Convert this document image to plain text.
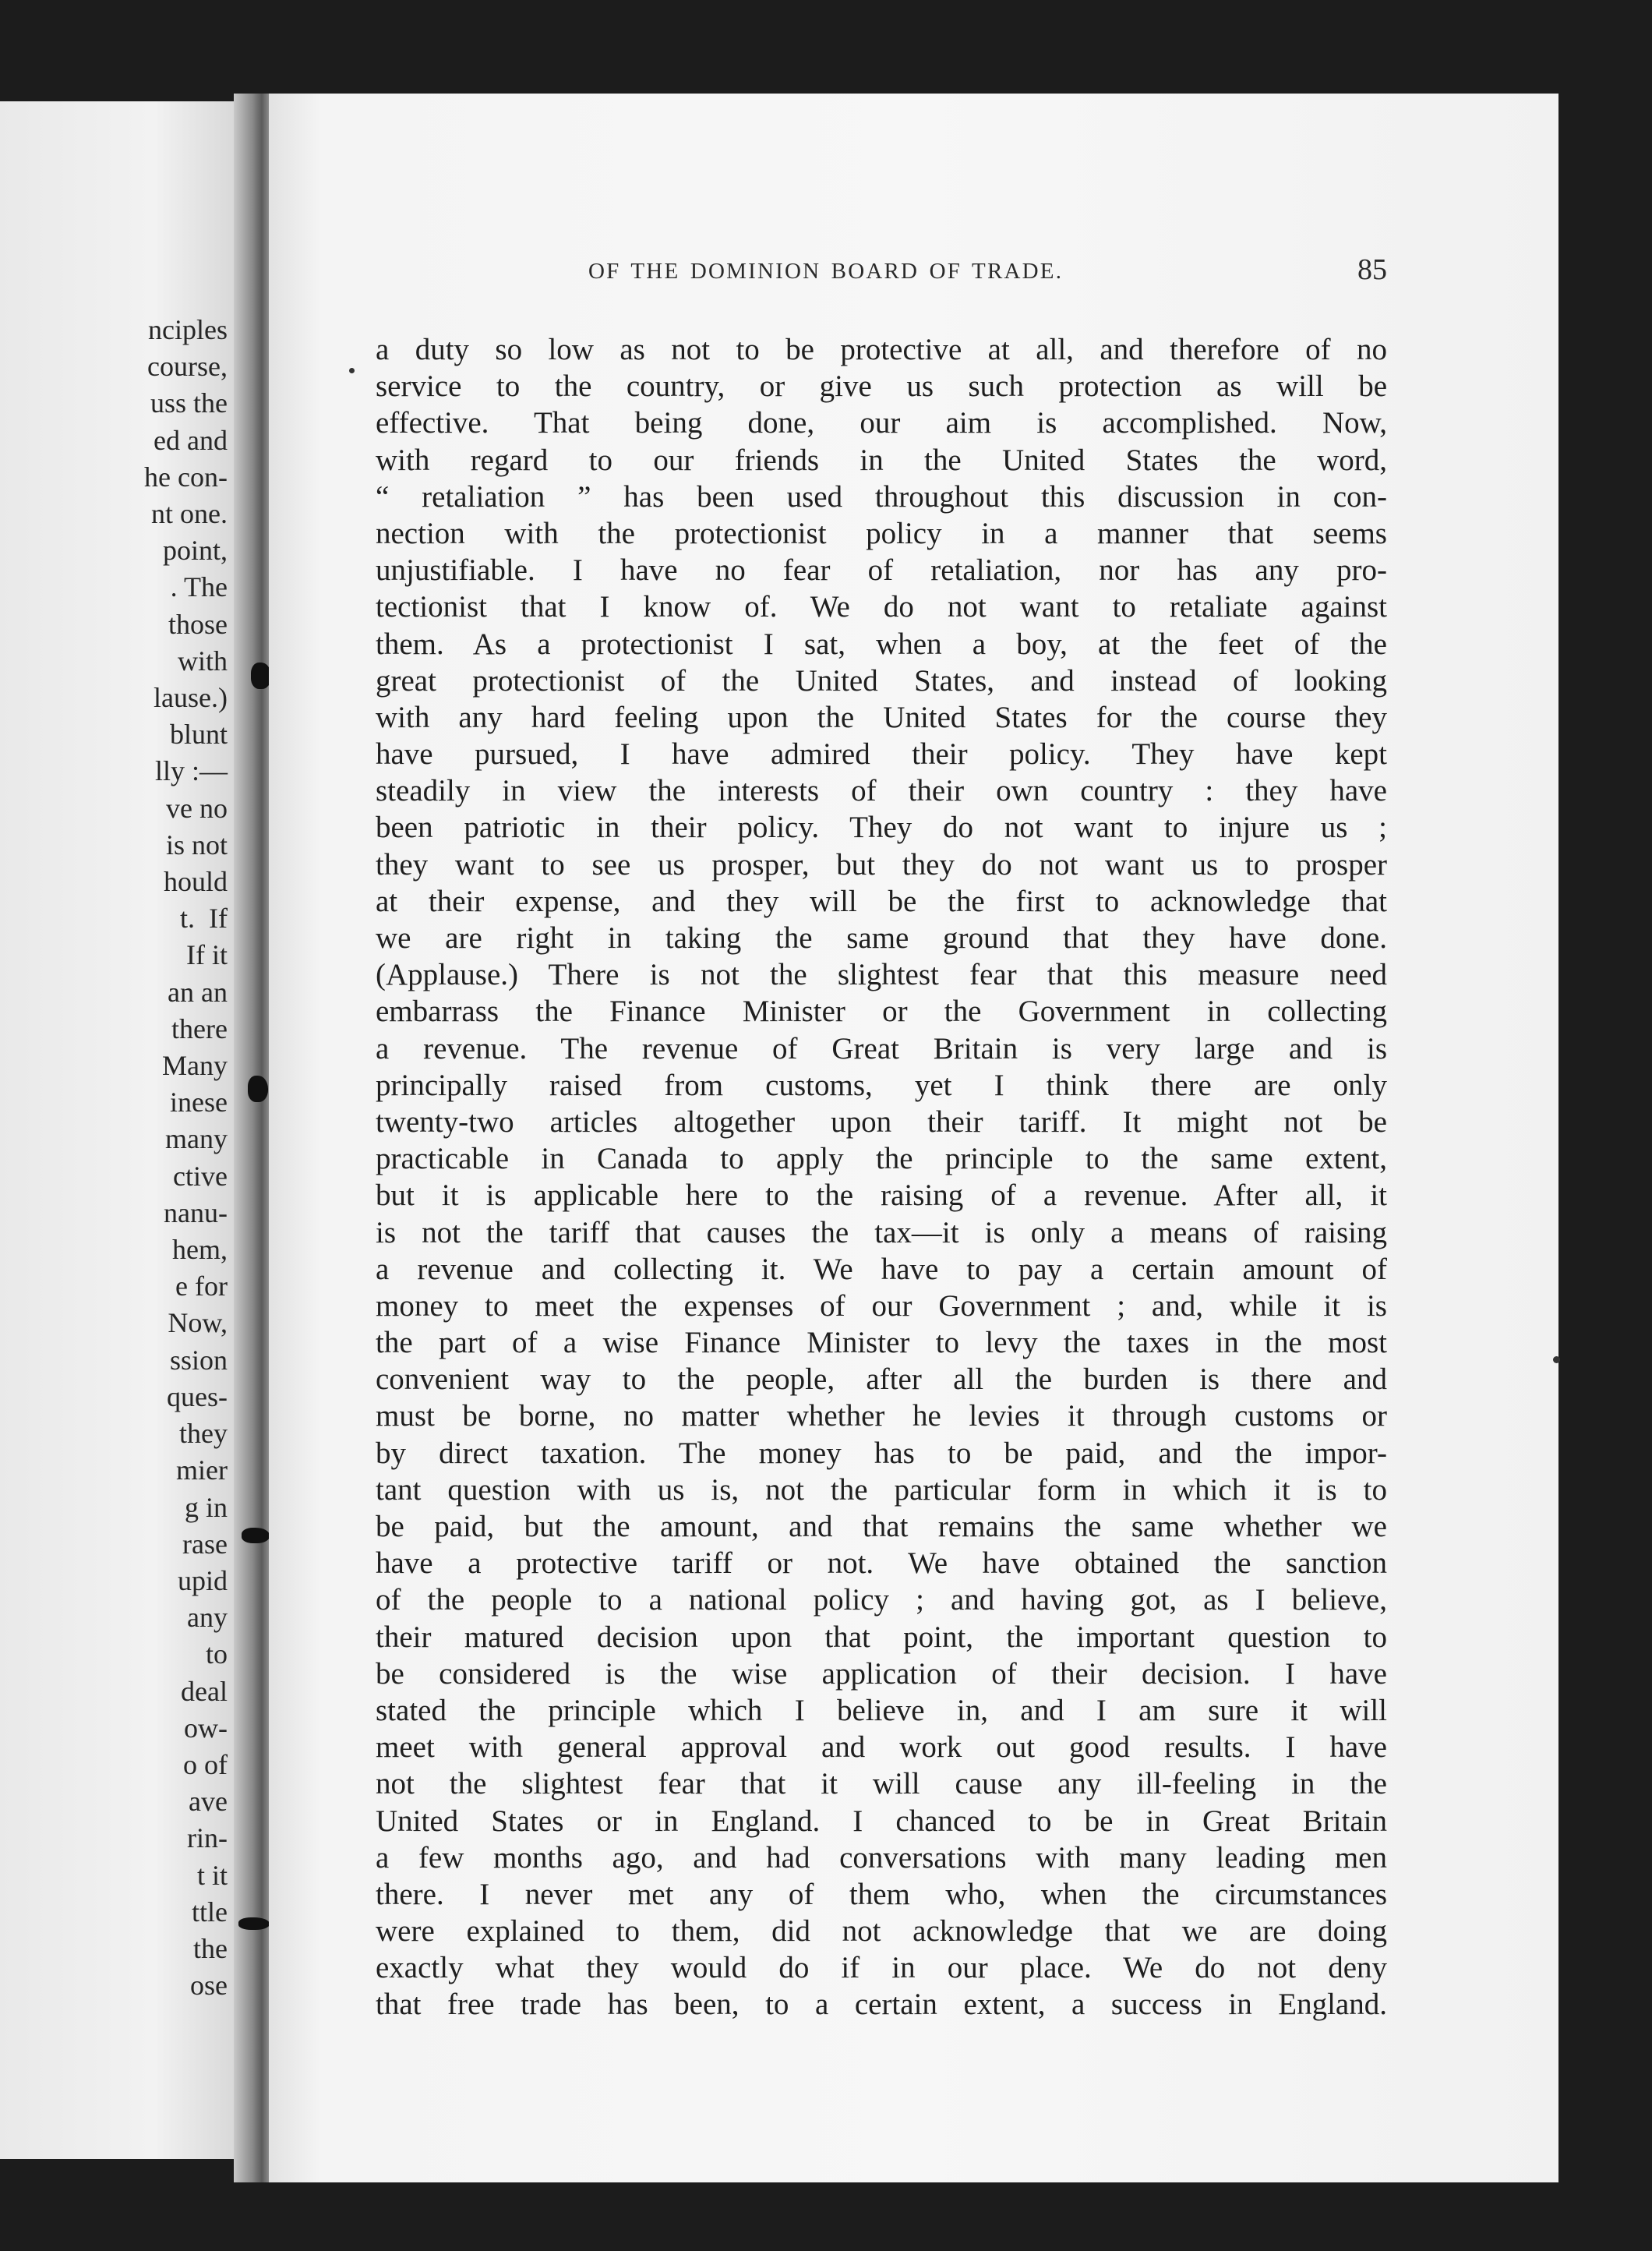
nciples
course,
uss the
ed and
he con-
nt one.
point,
. The
those
with
lause.)
blunt
lly :—
ve no
is not
hould
t.  If
If it
an an
there
Many
inese
many
ctive
nanu-
hem,
e for
Now,
ssion
ques-
they
mier
g in
rase
upid
any
to
deal
ow-
o of
ave
rin-
t it
ttle
the
ose
OF THE DOMINION BOARD OF TRADE.	85
a duty so low as not to be protective at all, and therefore of no
service to the country, or give us such protection as will be
effective. That being done, our aim is accomplished. Now,
with regard to our friends in the United States the word,
“ retaliation ” has been used throughout this discussion in con-
nection with the protectionist policy in a manner that seems
unjustifiable. I have no fear of retaliation, nor has any pro-
tectionist that I know of. We do not want to retaliate against
them. As a protectionist I sat, when a boy, at the feet of the
great protectionist of the United States, and instead of looking
with any hard feeling upon the United States for the course they
have pursued, I have admired their policy. They have kept
steadily in view the interests of their own country : they have
been patriotic in their policy. They do not want to injure us ;
they want to see us prosper, but they do not want us to prosper
at their expense, and they will be the first to acknowledge that
we are right in taking the same ground that they have done.
(Applause.) There is not the slightest fear that this measure need
embarrass the Finance Minister or the Government in collecting
a revenue. The revenue of Great Britain is very large and is
principally raised from customs, yet I think there are only
twenty-two articles altogether upon their tariff. It might not be
practicable in Canada to apply the principle to the same extent,
but it is applicable here to the raising of a revenue. After all, it
is not the tariff that causes the tax—it is only a means of raising
a revenue and collecting it. We have to pay a certain amount of
money to meet the expenses of our Government ; and, while it is
the part of a wise Finance Minister to levy the taxes in the most
convenient way to the people, after all the burden is there and
must be borne, no matter whether he levies it through customs or
by direct taxation. The money has to be paid, and the impor-
tant question with us is, not the particular form in which it is to
be paid, but the amount, and that remains the same whether we
have a protective tariff or not. We have obtained the sanction
of the people to a national policy ; and having got, as I believe,
their matured decision upon that point, the important question to
be considered is the wise application of their decision. I have
stated the principle which I believe in, and I am sure it will
meet with general approval and work out good results. I have
not the slightest fear that it will cause any ill-feeling in the
United States or in England. I chanced to be in Great Britain
a few months ago, and had conversations with many leading men
there. I never met any of them who, when the circumstances
were explained to them, did not acknowledge that we are doing
exactly what they would do if in our place. We do not deny
that free trade has been, to a certain extent, a success in England.
